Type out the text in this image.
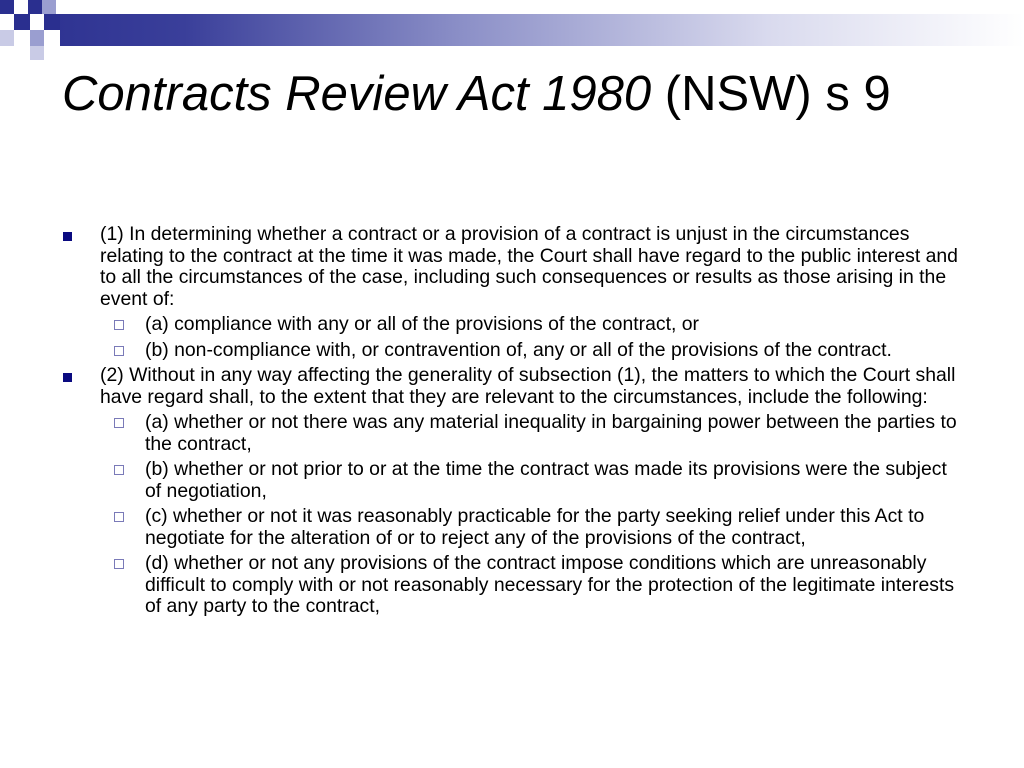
Contracts Review Act 1980 (NSW) s 9
(1) In determining whether a contract or a provision of a contract is unjust in the circumstances relating to the contract at the time it was made, the Court shall have regard to the public interest and to all the circumstances of the case, including such consequences or results as those arising in the event of:
(a) compliance with any or all of the provisions of the contract, or
(b) non-compliance with, or contravention of, any or all of the provisions of the contract.
(2) Without in any way affecting the generality of subsection (1), the matters to which the Court shall have regard shall, to the extent that they are relevant to the circumstances, include the following:
(a) whether or not there was any material inequality in bargaining power between the parties to the contract,
(b) whether or not prior to or at the time the contract was made its provisions were the subject of negotiation,
(c) whether or not it was reasonably practicable for the party seeking relief under this Act to negotiate for the alteration of or to reject any of the provisions of the contract,
(d) whether or not any provisions of the contract impose conditions which are unreasonably difficult to comply with or not reasonably necessary for the protection of the legitimate interests of any party to the contract,
